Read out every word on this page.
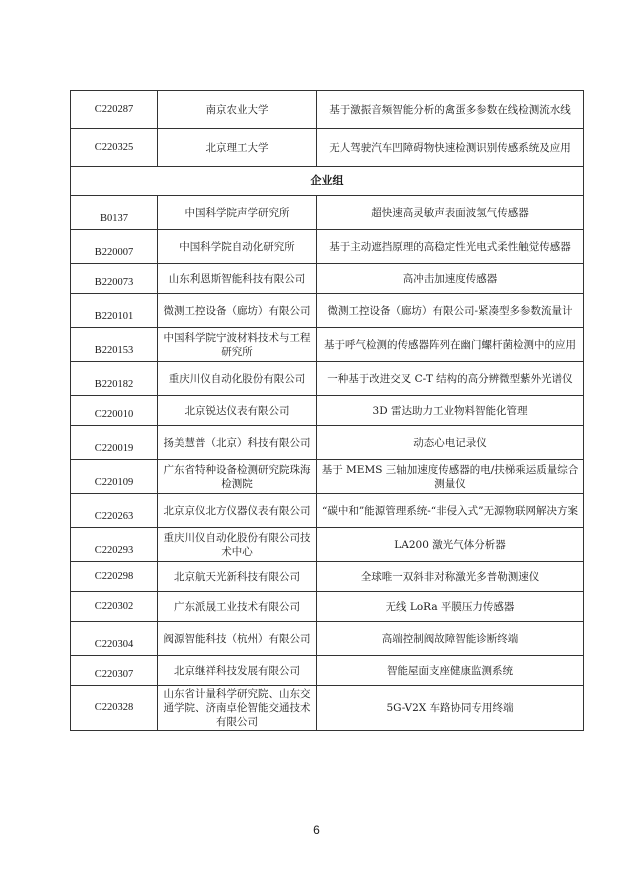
C220287	南京农业大学	基于激振音频智能分析的禽蛋多参数在线检测流水线
C220325	北京理工大学	无人驾驶汽车凹障碍物快速检测识别传感系统及应用
企业组		
B0137	中国科学院声学研究所	超快速高灵敏声表面波氢气传感器
B220007	中国科学院自动化研究所	基于主动遮挡原理的高稳定性光电式柔性触觉传感器
B220073	山东利恩斯智能科技有限公司	高冲击加速度传感器
B220101	微测工控设备（廊坊）有限公司	微测工控设备（廊坊）有限公司-紧凑型多参数流量计
B220153	中国科学院宁波材料技术与工程研究所	基于呼气检测的传感器阵列在幽门螺杆菌检测中的应用
B220182	重庆川仪自动化股份有限公司	一种基于改进交叉 C-T 结构的高分辨微型紫外光谱仪
C220010	北京锐达仪表有限公司	3D 雷达助力工业物料智能化管理
C220019	扬美慧普（北京）科技有限公司	动态心电记录仪
C220109	广东省特种设备检测研究院珠海检测院	基于 MEMS 三轴加速度传感器的电/扶梯乘运质量综合测量仪
C220263	北京京仪北方仪器仪表有限公司	“碳中和”能源管理系统-“非侵入式”无源物联网解决方案
C220293	重庆川仪自动化股份有限公司技术中心	LA200 激光气体分析器
C220298	北京航天光新科技有限公司	全球唯一双斜非对称激光多普勒测速仪
C220302	广东派晟工业技术有限公司	无线 LoRa 平膜压力传感器
C220304	阀源智能科技（杭州）有限公司	高端控制阀故障智能诊断终端
C220307	北京继祥科技发展有限公司	智能屋面支座健康监测系统
C220328	山东省计量科学研究院、山东交通学院、济南卓伦智能交通技术有限公司	5G-V2X 车路协同专用终端
6
